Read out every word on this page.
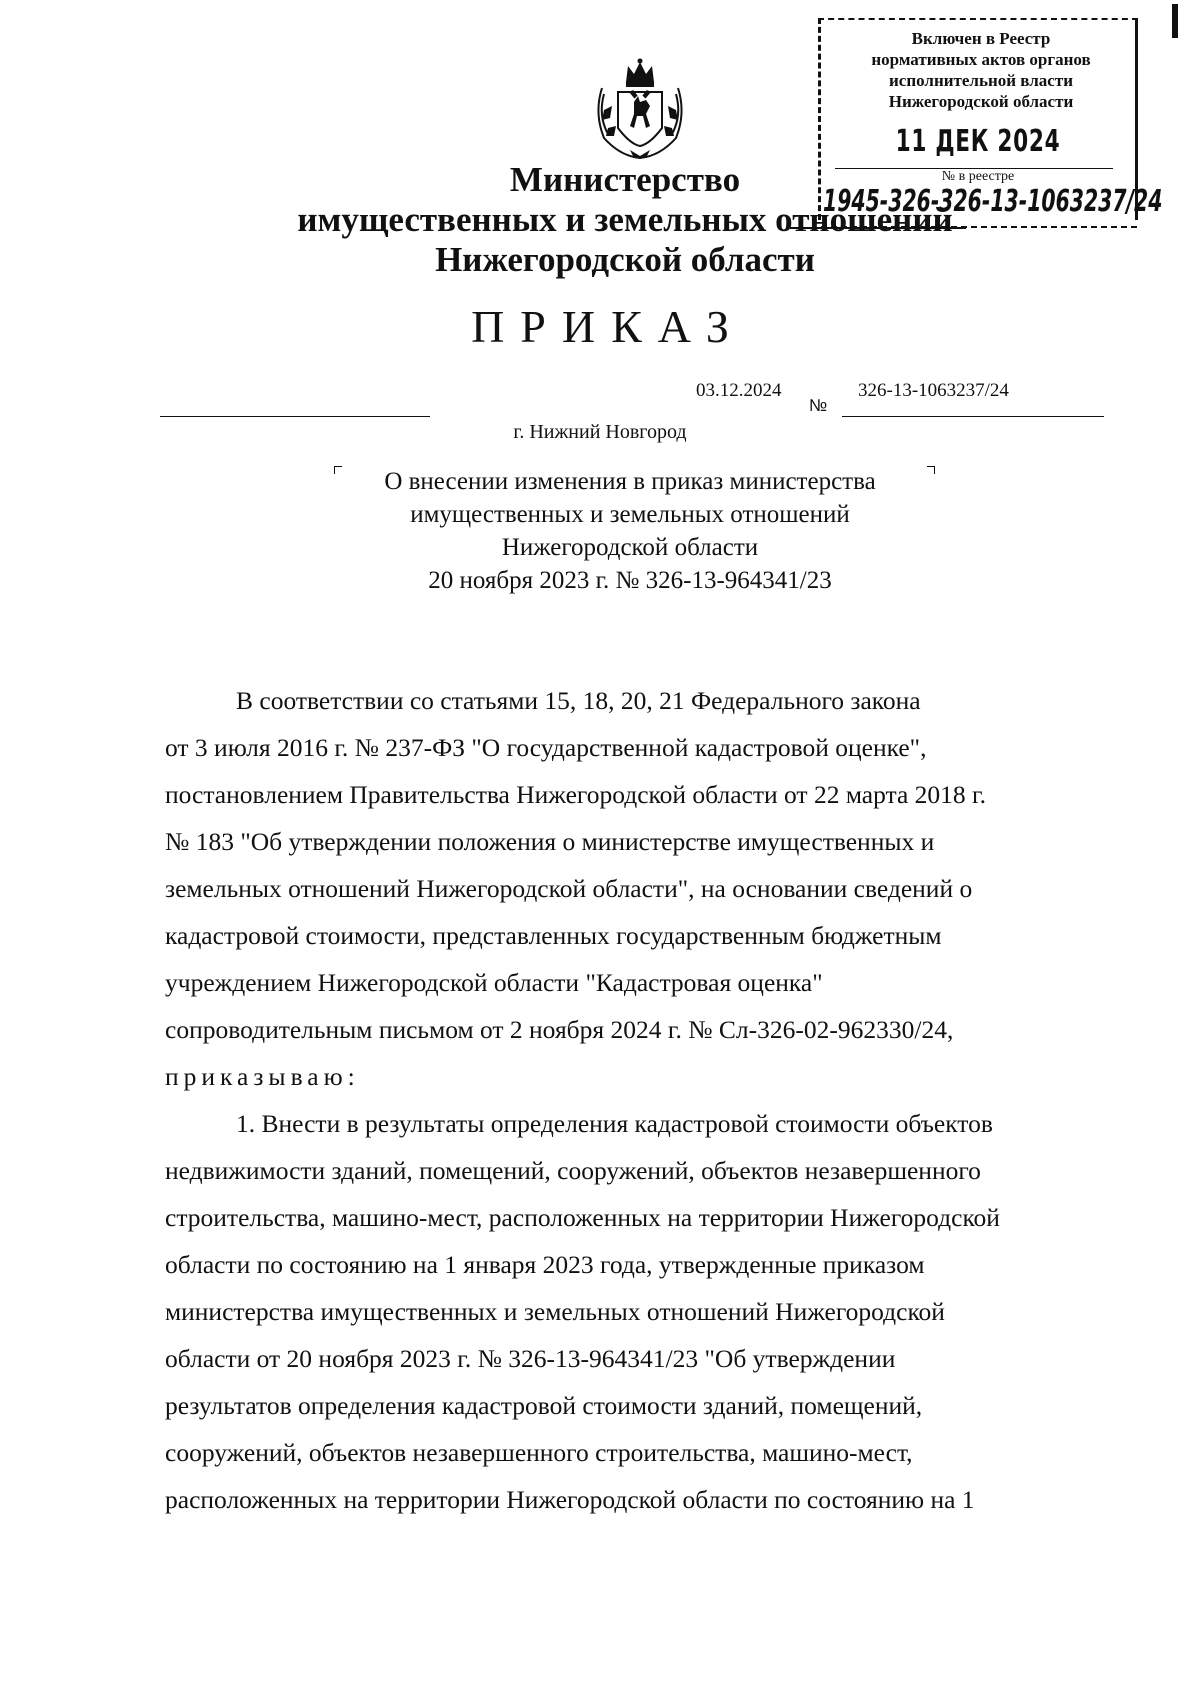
Включен в Реестр
нормативных актов органов
исполнительной власти
Нижегородской области
11 ДЕК 2024
№ в реестре
1945-326-326-13-1063237/24
Министерство
имущественных и земельных отношений
Нижегородской области
ПРИКАЗ
03.12.2024
№
326-13-1063237/24
г. Нижний Новгород
О внесении изменения в приказ министерства
имущественных и земельных отношений
Нижегородской области
20 ноября 2023 г. № 326-13-964341/23
В соответствии со статьями 15, 18, 20, 21 Федерального закона
от 3 июля 2016 г. № 237-ФЗ "О государственной кадастровой оценке",
постановлением Правительства Нижегородской области от 22 марта 2018 г.
№ 183 "Об утверждении положения о министерстве имущественных и
земельных отношений Нижегородской области", на основании сведений о
кадастровой стоимости, представленных государственным бюджетным
учреждением Нижегородской области "Кадастровая оценка"
сопроводительным письмом от 2 ноября 2024 г. № Сл-326-02-962330/24,
приказываю:
1. Внести в результаты определения кадастровой стоимости объектов
недвижимости зданий, помещений, сооружений, объектов незавершенного
строительства, машино-мест, расположенных на территории Нижегородской
области по состоянию на 1 января 2023 года, утвержденные приказом
министерства имущественных и земельных отношений Нижегородской
области от 20 ноября 2023 г. № 326-13-964341/23 "Об утверждении
результатов определения кадастровой стоимости зданий, помещений,
сооружений, объектов незавершенного строительства, машино-мест,
расположенных на территории Нижегородской области по состоянию на 1
